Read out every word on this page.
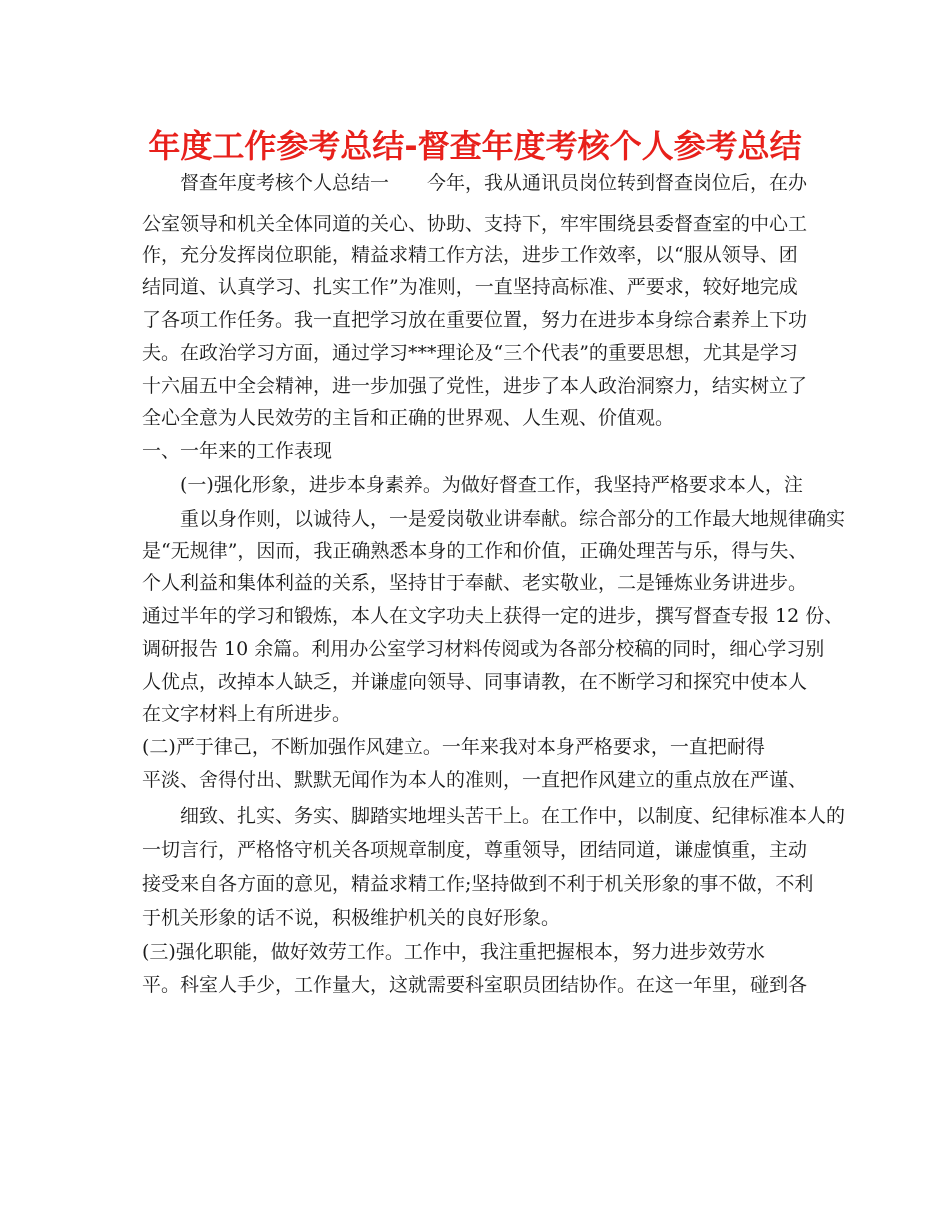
年度工作参考总结-督查年度考核个人参考总结
督查年度考核个人总结一　　今年，我从通讯员岗位转到督查岗位后，在办
公室领导和机关全体同道的关心、协助、支持下，牢牢围绕县委督查室的中心工
作，充分发挥岗位职能，精益求精工作方法，进步工作效率，以“服从领导、团
结同道、认真学习、扎实工作”为准则，一直坚持高标准、严要求，较好地完成
了各项工作任务。我一直把学习放在重要位置，努力在进步本身综合素养上下功
夫。在政治学习方面，通过学习***理论及“三个代表”的重要思想，尤其是学习
十六届五中全会精神，进一步加强了党性，进步了本人政治洞察力，结实树立了
全心全意为人民效劳的主旨和正确的世界观、人生观、价值观。
一、一年来的工作表现
(一)强化形象，进步本身素养。为做好督查工作，我坚持严格要求本人，注
重以身作则，以诚待人，一是爱岗敬业讲奉献。综合部分的工作最大地规律确实
是“无规律”，因而，我正确熟悉本身的工作和价值，正确处理苦与乐，得与失、
个人利益和集体利益的关系，坚持甘于奉献、老实敬业，二是锤炼业务讲进步。
通过半年的学习和锻炼，本人在文字功夫上获得一定的进步，撰写督查专报 12 份、
调研报告 10 余篇。利用办公室学习材料传阅或为各部分校稿的同时，细心学习别
人优点，改掉本人缺乏，并谦虚向领导、同事请教，在不断学习和探究中使本人
在文字材料上有所进步。
(二)严于律己，不断加强作风建立。一年来我对本身严格要求，一直把耐得
平淡、舍得付出、默默无闻作为本人的准则，一直把作风建立的重点放在严谨、
细致、扎实、务实、脚踏实地埋头苦干上。在工作中，以制度、纪律标准本人的
一切言行，严格恪守机关各项规章制度，尊重领导，团结同道，谦虚慎重，主动
接受来自各方面的意见，精益求精工作;坚持做到不利于机关形象的事不做，不利
于机关形象的话不说，积极维护机关的良好形象。
(三)强化职能，做好效劳工作。工作中，我注重把握根本，努力进步效劳水
平。科室人手少，工作量大，这就需要科室职员团结协作。在这一年里，碰到各
